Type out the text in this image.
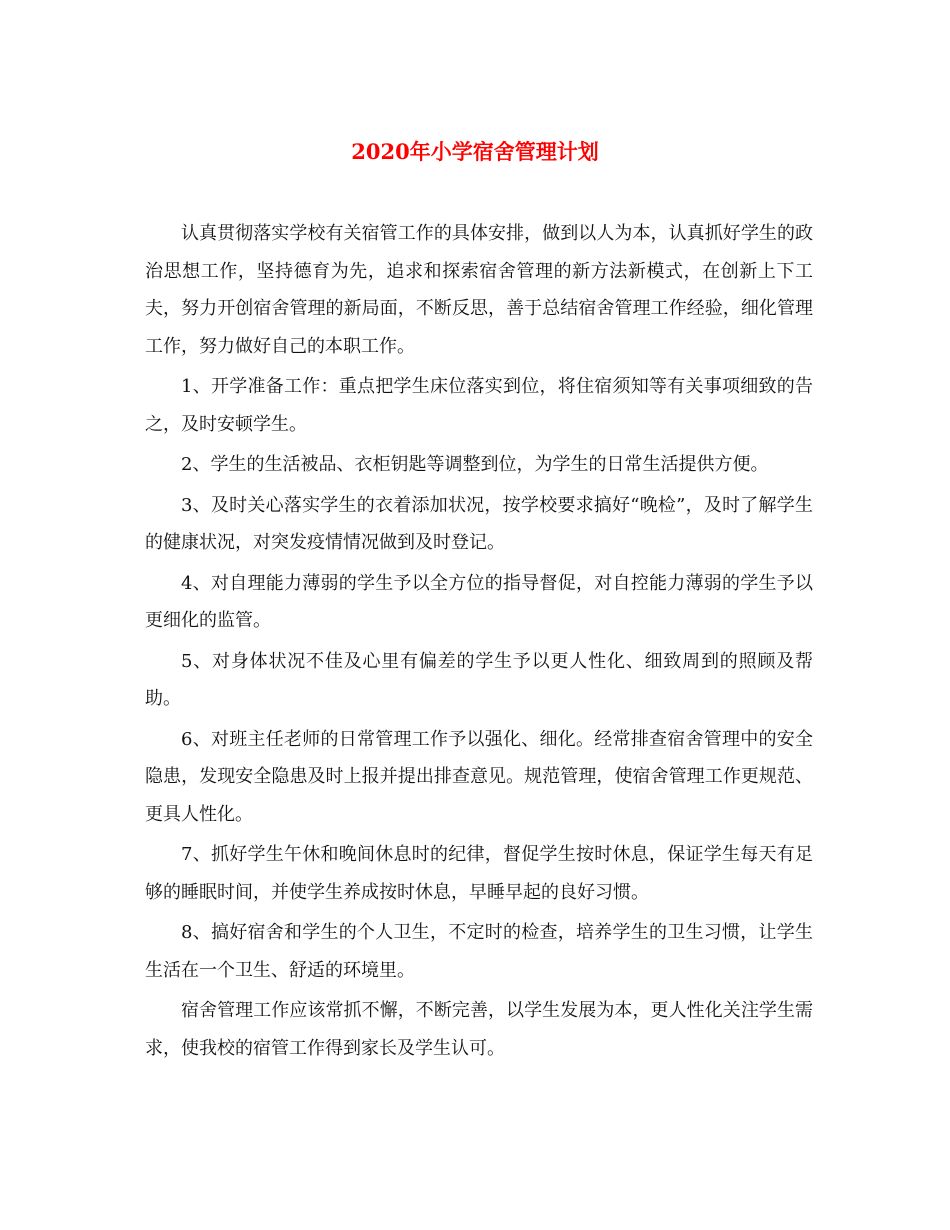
2020年小学宿舍管理计划

认真贯彻落实学校有关宿管工作的具体安排，做到以人为本，认真抓好学生的政治思想工作，坚持德育为先，追求和探索宿舍管理的新方法新模式，在创新上下工夫，努力开创宿舍管理的新局面，不断反思，善于总结宿舍管理工作经验，细化管理工作，努力做好自己的本职工作。

1、开学准备工作：重点把学生床位落实到位，将住宿须知等有关事项细致的告之，及时安顿学生。

2、学生的生活被品、衣柜钥匙等调整到位，为学生的日常生活提供方便。

3、及时关心落实学生的衣着添加状况，按学校要求搞好“晚检”，及时了解学生的健康状况，对突发疫情情况做到及时登记。

4、对自理能力薄弱的学生予以全方位的指导督促，对自控能力薄弱的学生予以更细化的监管。

5、对身体状况不佳及心里有偏差的学生予以更人性化、细致周到的照顾及帮助。

6、对班主任老师的日常管理工作予以强化、细化。经常排查宿舍管理中的安全隐患，发现安全隐患及时上报并提出排查意见。规范管理，使宿舍管理工作更规范、更具人性化。

7、抓好学生午休和晚间休息时的纪律，督促学生按时休息，保证学生每天有足够的睡眠时间，并使学生养成按时休息，早睡早起的良好习惯。

8、搞好宿舍和学生的个人卫生，不定时的检查，培养学生的卫生习惯，让学生生活在一个卫生、舒适的环境里。

宿舍管理工作应该常抓不懈，不断完善，以学生发展为本，更人性化关注学生需求，使我校的宿管工作得到家长及学生认可。
